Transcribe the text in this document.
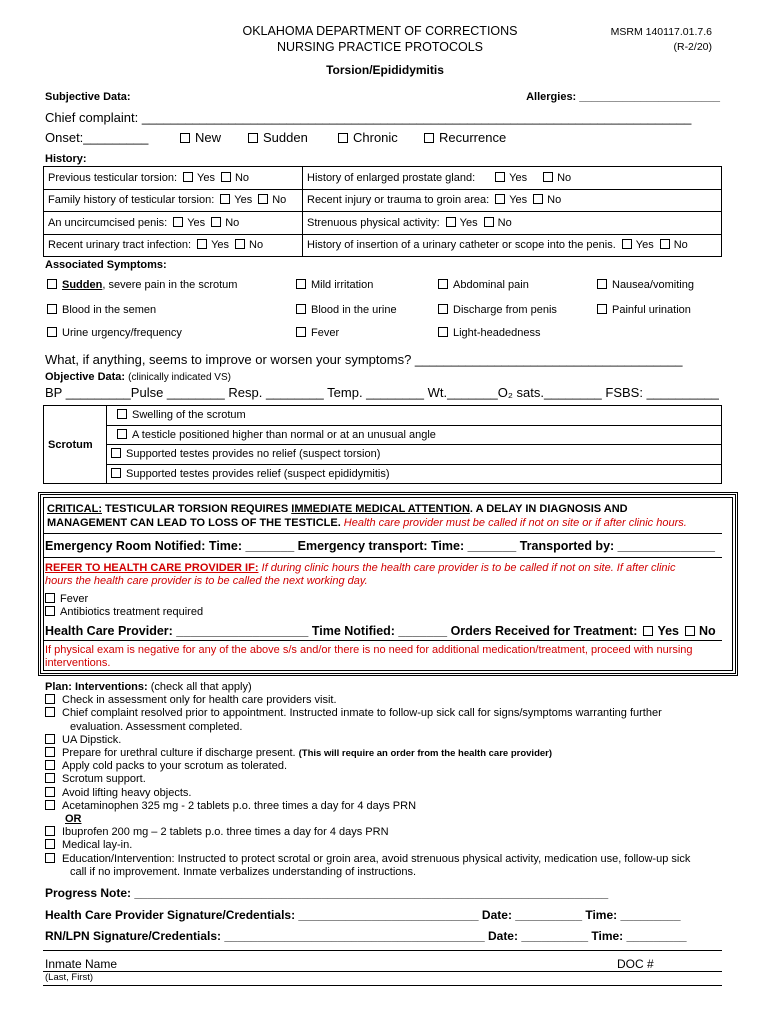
OKLAHOMA DEPARTMENT OF CORRECTIONS
NURSING PRACTICE PROTOCOLS
MSRM 140117.01.7.6
(R-2/20)
Torsion/Epididymitis
Subjective Data:	Allergies: _______________________
Chief complaint: ____________________________________________________________________________
Onset:_________	New	Sudden	Chronic	Recurrence
History:
Previous testicular torsion: Yes No	History of enlarged prostate gland: Yes No
Family history of testicular torsion: Yes No	Recent injury or trauma to groin area: Yes No
An uncircumcised penis: Yes No	Strenuous physical activity: Yes No
Recent urinary tract infection: Yes No	History of insertion of a urinary catheter or scope into the penis. Yes No
Associated Symptoms:
Sudden, severe pain in the scrotum	Mild irritation	Abdominal pain	Nausea/vomiting
Blood in the semen	Blood in the urine	Discharge from penis	Painful urination
Urine urgency/frequency	Fever	Light-headedness
What, if anything, seems to improve or worsen your symptoms? _____________________________________
Objective Data: (clinically indicated VS)
BP _________Pulse ________ Resp. ________ Temp. ________ Wt._______O₂ sats.________ FSBS: __________
Scrotum	Swelling of the scrotum
A testicle positioned higher than normal or at an unusual angle
Supported testes provides no relief (suspect torsion)
Supported testes provides relief (suspect epididymitis)
CRITICAL: TESTICULAR TORSION REQUIRES IMMEDIATE MEDICAL ATTENTION. A DELAY IN DIAGNOSIS AND
MANAGEMENT CAN LEAD TO LOSS OF THE TESTICLE. Health care provider must be called if not on site or if after clinic hours.
Emergency Room Notified: Time: _______ Emergency transport: Time: _______ Transported by: ______________
REFER TO HEALTH CARE PROVIDER IF: If during clinic hours the health care provider is to be called if not on site. If after clinic
hours the health care provider is to be called the next working day.
Fever
Antibiotics treatment required
Health Care Provider: ___________________ Time Notified: _______ Orders Received for Treatment: Yes No
If physical exam is negative for any of the above s/s and/or there is no need for additional medication/treatment, proceed with nursing
interventions.
Plan: Interventions: (check all that apply)
Check in assessment only for health care providers visit.
Chief complaint resolved prior to appointment. Instructed inmate to follow-up sick call for signs/symptoms warranting further
evaluation. Assessment completed.
UA Dipstick.
Prepare for urethral culture if discharge present. (This will require an order from the health care provider)
Apply cold packs to your scrotum as tolerated.
Scrotum support.
Avoid lifting heavy objects.
Acetaminophen 325 mg - 2 tablets p.o. three times a day for 4 days PRN
OR
Ibuprofen 200 mg – 2 tablets p.o. three times a day for 4 days PRN
Medical lay-in.
Education/Intervention: Instructed to protect scrotal or groin area, avoid strenuous physical activity, medication use, follow-up sick
call if no improvement. Inmate verbalizes understanding of instructions.
Progress Note: _______________________________________________________________________
Health Care Provider Signature/Credentials: ___________________________ Date: __________ Time: _________
RN/LPN Signature/Credentials: _______________________________________ Date: __________ Time: _________
Inmate Name	DOC #
(Last, First)
